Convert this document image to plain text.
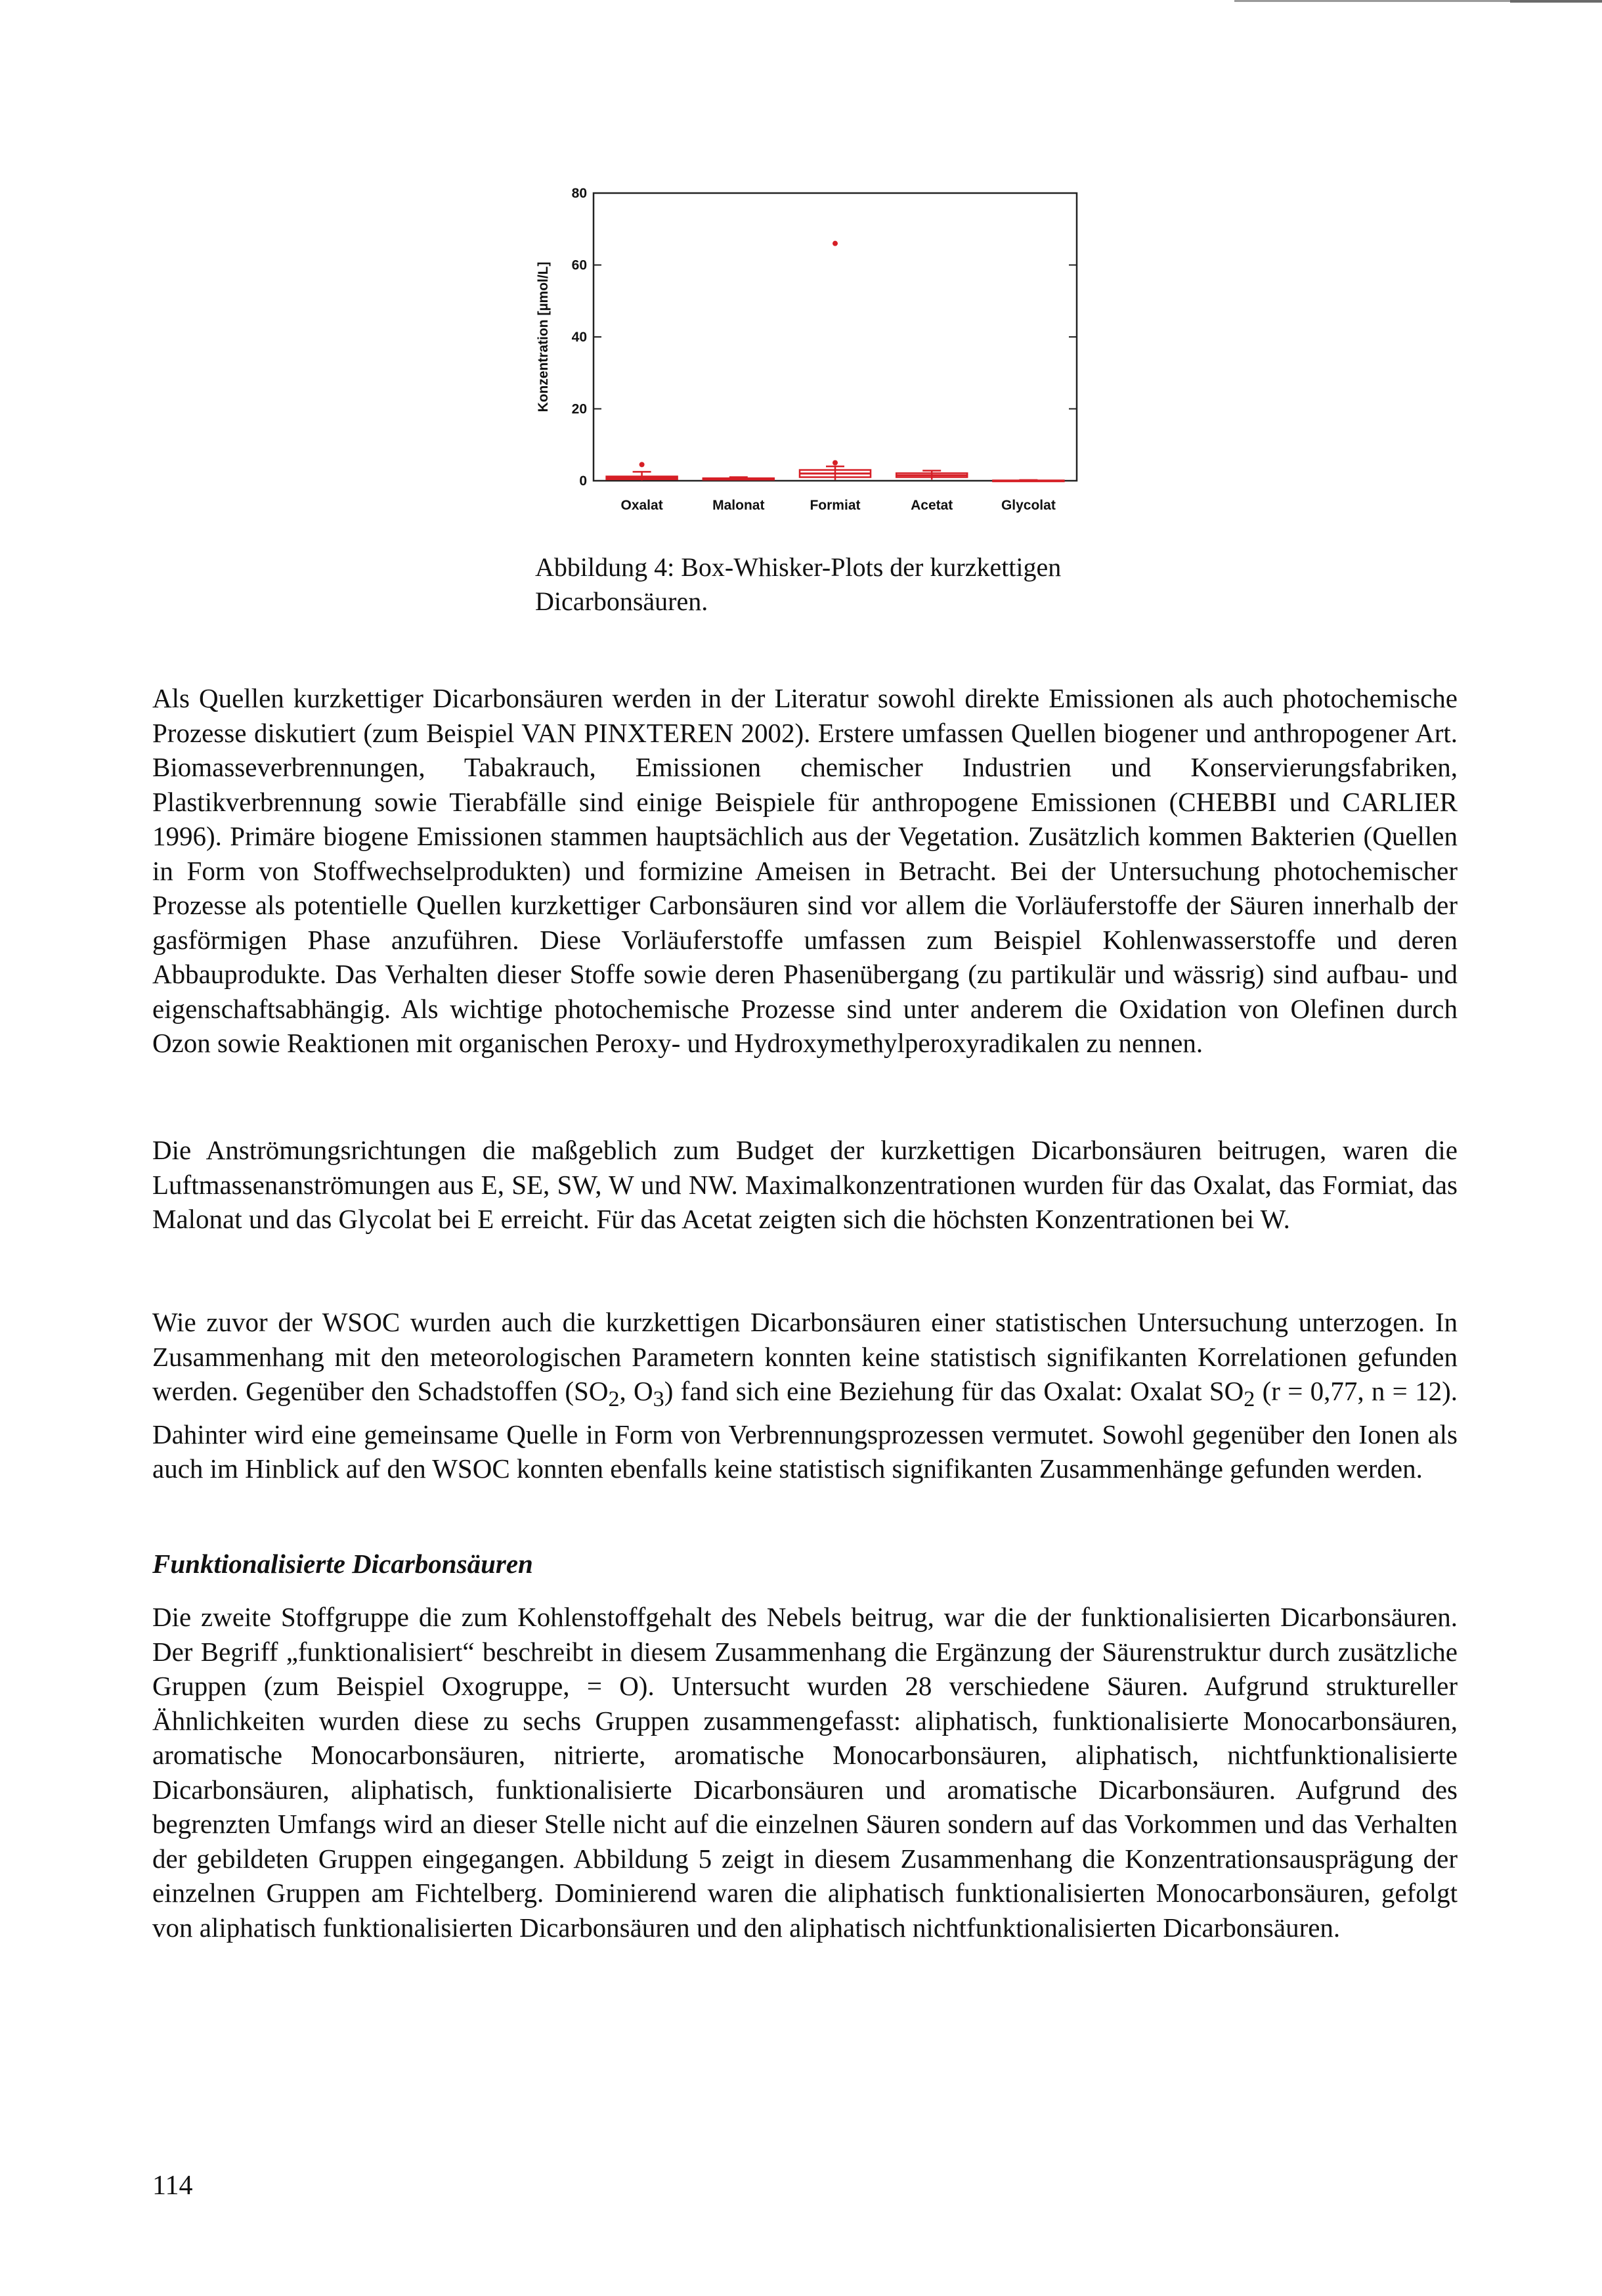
Konzentration [µmol/L]
0
20
40
60
80
Oxalat	Malonat	Formiat	Acetat	Glycolat

Abbildung 4: Box-Whisker-Plots der kurzkettigen Dicarbonsäuren.

Als Quellen kurzkettiger Dicarbonsäuren werden in der Literatur sowohl direkte Emissionen als auch photochemische Prozesse diskutiert (zum Beispiel VAN PINXTEREN 2002). Erstere umfassen Quellen biogener und anthropogener Art. Biomasseverbrennungen, Tabakrauch, Emissionen chemischer Industrien und Konservierungsfabriken, Plastikverbrennung sowie Tierabfälle sind einige Beispiele für anthropogene Emissionen (CHEBBI und CARLIER 1996). Primäre biogene Emissionen stammen hauptsächlich aus der Vegetation. Zusätzlich kommen Bakterien (Quellen in Form von Stoffwechselprodukten) und formizine Ameisen in Betracht. Bei der Untersuchung photochemischer Prozesse als potentielle Quellen kurzkettiger Carbonsäuren sind vor allem die Vorläuferstoffe der Säuren innerhalb der gasförmigen Phase anzuführen. Diese Vorläuferstoffe umfassen zum Beispiel Kohlenwasserstoffe und deren Abbauprodukte. Das Verhalten dieser Stoffe sowie deren Phasenübergang (zu partikulär und wässrig) sind aufbau- und eigenschaftsabhängig. Als wichtige photochemische Prozesse sind unter anderem die Oxidation von Olefinen durch Ozon sowie Reaktionen mit organischen Peroxy- und Hydroxymethylperoxyradikalen zu nennen.

Die Anströmungsrichtungen die maßgeblich zum Budget der kurzkettigen Dicarbonsäuren beitrugen, waren die Luftmassenanströmungen aus E, SE, SW, W und NW. Maximalkonzentrationen wurden für das Oxalat, das Formiat, das Malonat und das Glycolat bei E erreicht. Für das Acetat zeigten sich die höchsten Konzentrationen bei W.

Wie zuvor der WSOC wurden auch die kurzkettigen Dicarbonsäuren einer statistischen Untersuchung unterzogen. In Zusammenhang mit den meteorologischen Parametern konnten keine statistisch signifikanten Korrelationen gefunden werden. Gegenüber den Schadstoffen ($SO_2$, $O_3$) fand sich eine Beziehung für das Oxalat: Oxalat $SO_2$ (r = 0,77, n = 12). Dahinter wird eine gemeinsame Quelle in Form von Verbrennungsprozessen vermutet. Sowohl gegenüber den Ionen als auch im Hinblick auf den WSOC konnten ebenfalls keine statistisch signifikanten Zusammenhänge gefunden werden.

Funktionalisierte Dicarbonsäuren

Die zweite Stoffgruppe die zum Kohlenstoffgehalt des Nebels beitrug, war die der funktionalisierten Dicarbonsäuren. Der Begriff „funktionalisiert“ beschreibt in diesem Zusammenhang die Ergänzung der Säurenstruktur durch zusätzliche Gruppen (zum Beispiel Oxogruppe, = O). Untersucht wurden 28 verschiedene Säuren. Aufgrund struktureller Ähnlichkeiten wurden diese zu sechs Gruppen zusammengefasst: aliphatisch, funktionalisierte Monocarbonsäuren, aromatische Monocarbonsäuren, nitrierte, aromatische Monocarbonsäuren, aliphatisch, nichtfunktionalisierte Dicarbonsäuren, aliphatisch, funktionalisierte Dicarbonsäuren und aromatische Dicarbonsäuren. Aufgrund des begrenzten Umfangs wird an dieser Stelle nicht auf die einzelnen Säuren sondern auf das Vorkommen und das Verhalten der gebildeten Gruppen eingegangen. Abbildung 5 zeigt in diesem Zusammenhang die Konzentrationsausprägung der einzelnen Gruppen am Fichtelberg. Dominierend waren die aliphatisch funktionalisierten Monocarbonsäuren, gefolgt von aliphatisch funktionalisierten Dicarbonsäuren und den aliphatisch nichtfunktionalisierten Dicarbonsäuren.

114
